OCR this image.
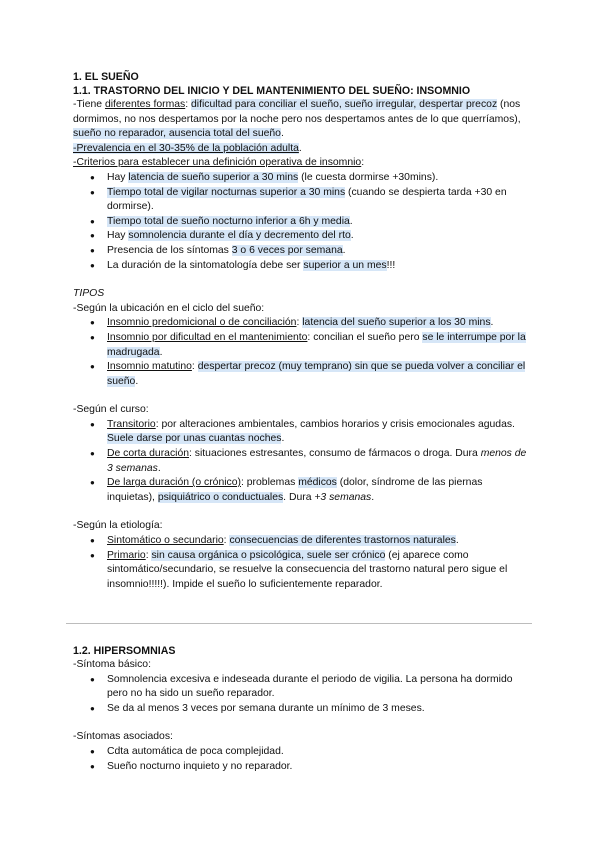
1. EL SUEÑO
1.1. TRASTORNO DEL INICIO Y DEL MANTENIMIENTO DEL SUEÑO: INSOMNIO

-Tiene diferentes formas: dificultad para conciliar el sueño, sueño irregular, despertar precoz (nos dormimos, no nos despertamos por la noche pero nos despertamos antes de lo que querríamos), sueño no reparador, ausencia total del sueño.

-Prevalencia en el 30-35% de la población adulta.

-Criterios para establecer una definición operativa de insomnio:

● Hay latencia de sueño superior a 30 mins (le cuesta dormirse +30mins).
● Tiempo total de vigilar nocturnas superior a 30 mins (cuando se despierta tarda +30 en dormirse).
● Tiempo total de sueño nocturno inferior a 6h y media.
● Hay somnolencia durante el día y decremento del rto.
● Presencia de los síntomas 3 o 6 veces por semana.
● La duración de la sintomatología debe ser superior a un mes!!!

TIPOS

-Según la ubicación en el ciclo del sueño:

● Insomnio predomicional o de conciliación: latencia del sueño superior a los 30 mins.
● Insomnio por dificultad en el mantenimiento: concilian el sueño pero se le interrumpe por la madrugada.
● Insomnio matutino: despertar precoz (muy temprano) sin que se pueda volver a conciliar el sueño.

-Según el curso:

● Transitorio: por alteraciones ambientales, cambios horarios y crisis emocionales agudas. Suele darse por unas cuantas noches.
● De corta duración: situaciones estresantes, consumo de fármacos o droga. Dura menos de 3 semanas.
● De larga duración (o crónico): problemas médicos (dolor, síndrome de las piernas inquietas), psiquiátrico o conductuales. Dura +3 semanas.

-Según la etiología:

● Sintomático o secundario: consecuencias de diferentes trastornos naturales.
● Primario: sin causa orgánica o psicológica, suele ser crónico (ej aparece como sintomático/secundario, se resuelve la consecuencia del trastorno natural pero sigue el insomnio!!!!!). Impide el sueño lo suficientemente reparador.
1.2. HIPERSOMNIAS

-Síntoma básico:

● Somnolencia excesiva e indeseada durante el periodo de vigilia. La persona ha dormido pero no ha sido un sueño reparador.
● Se da al menos 3 veces por semana durante un mínimo de 3 meses.

-Síntomas asociados:

● Cdta automática de poca complejidad.
● Sueño nocturno inquieto y no reparador.
